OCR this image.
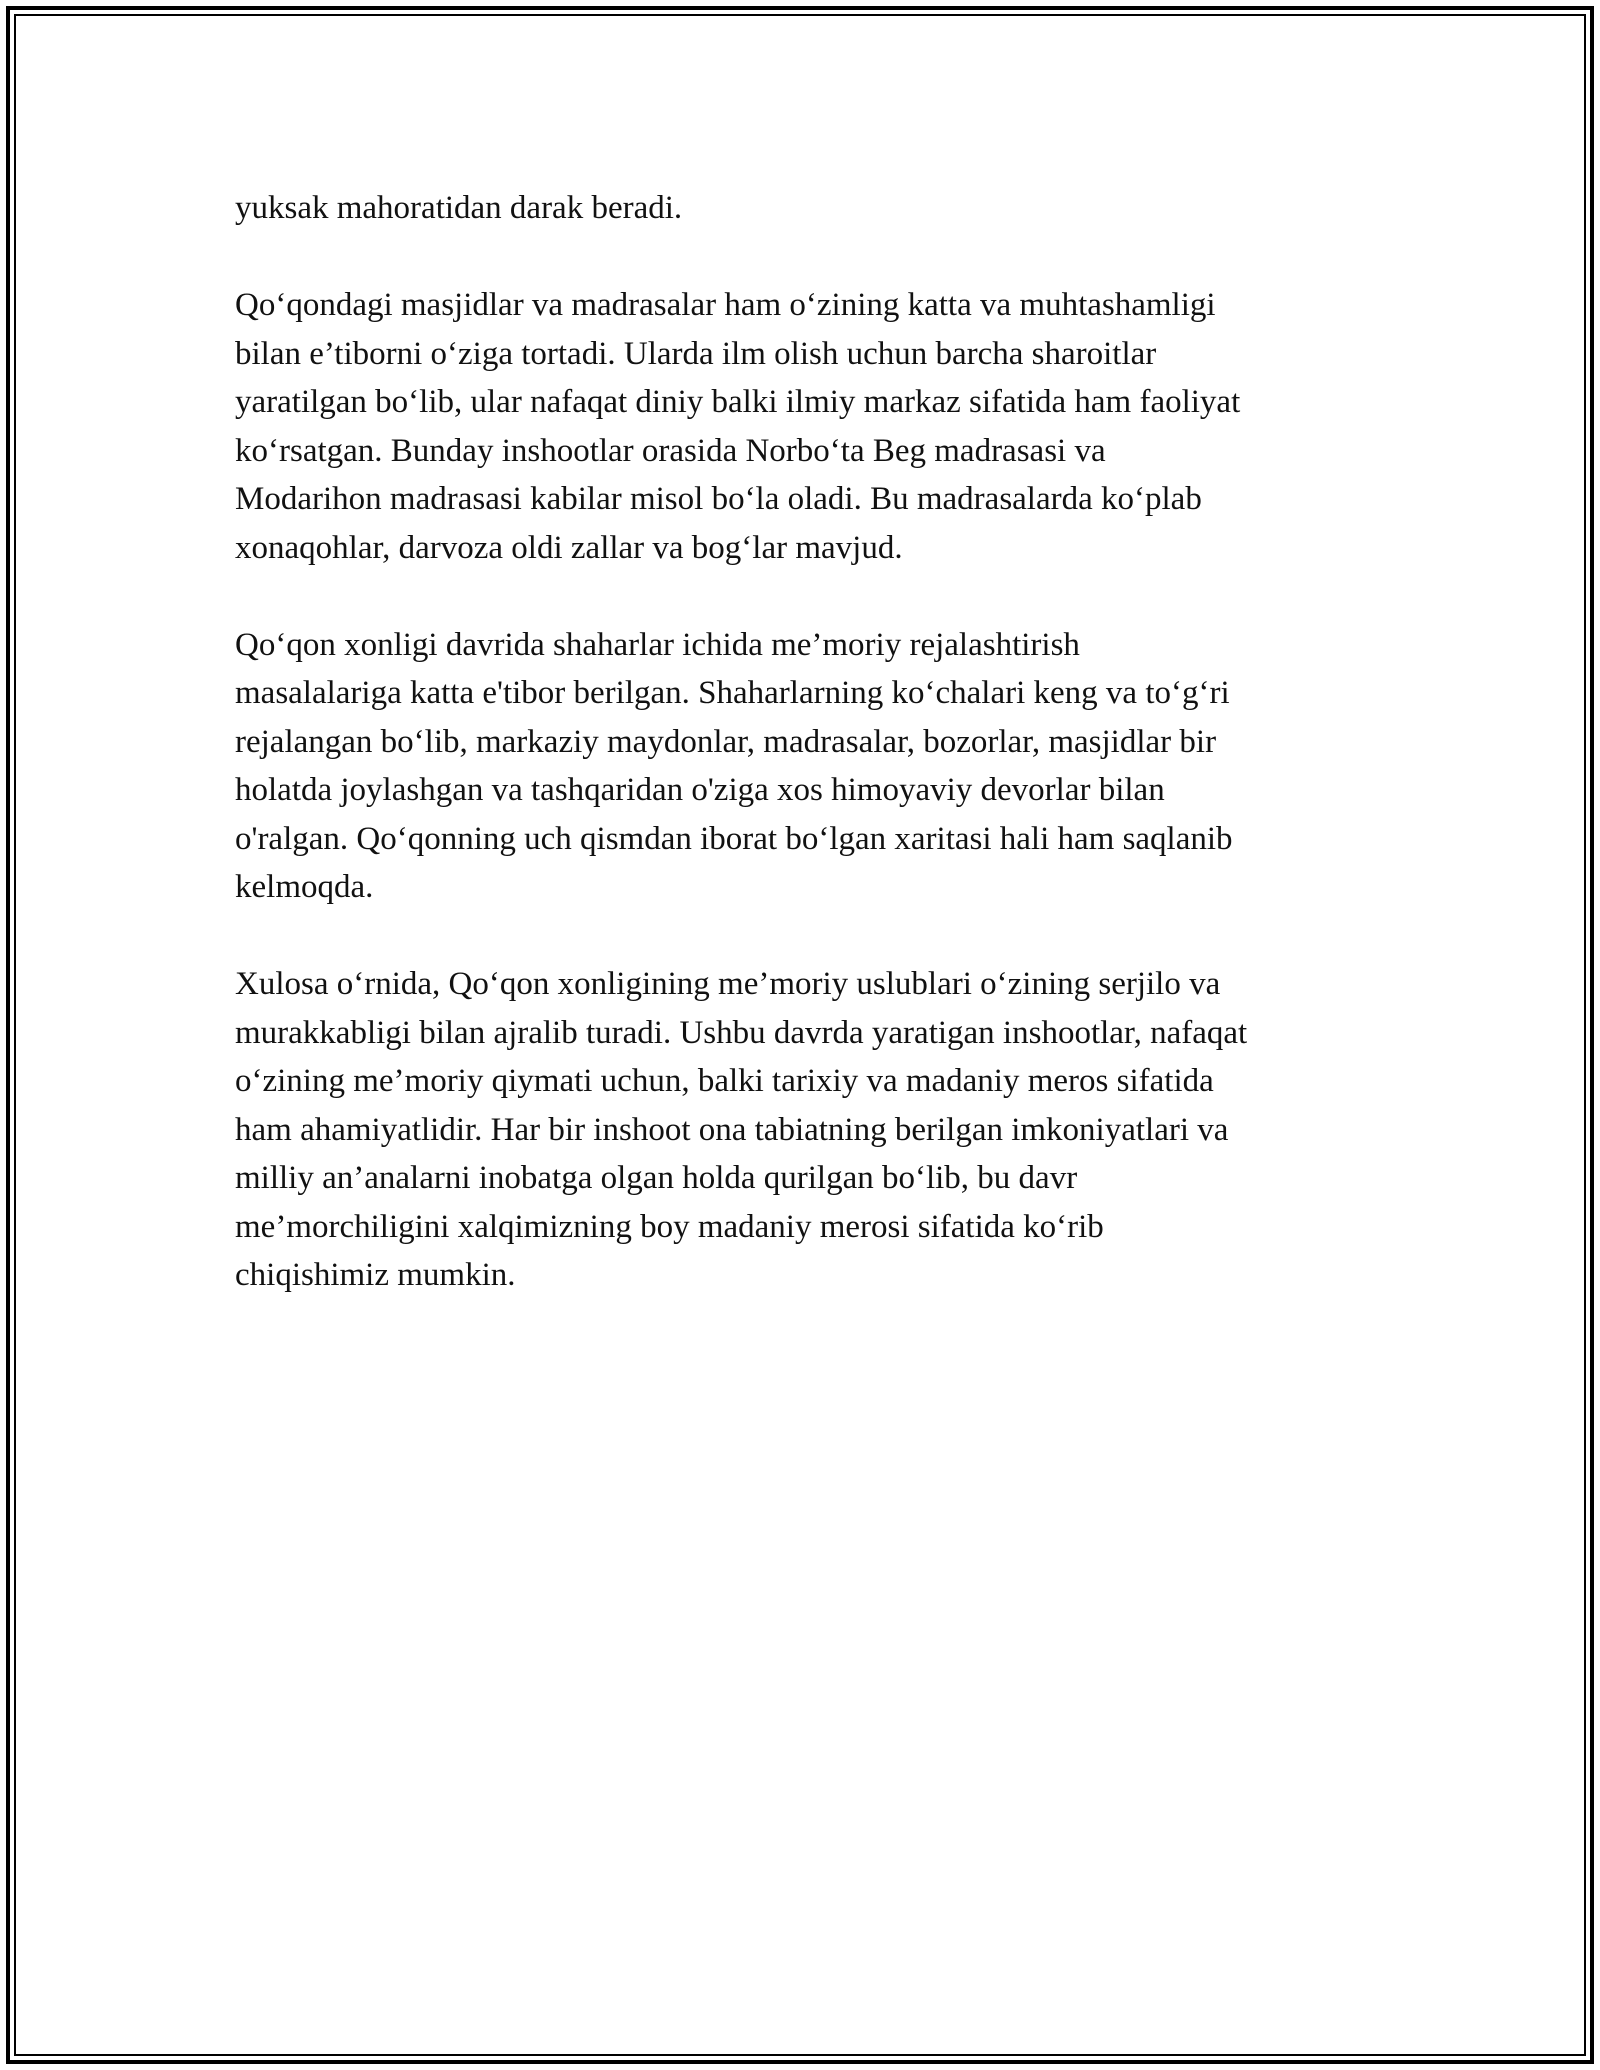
yuksak mahoratidan darak beradi.

Qo‘qondagi masjidlar va madrasalar ham o‘zining katta va muhtashamligi
bilan e’tiborni o‘ziga tortadi. Ularda ilm olish uchun barcha sharoitlar
yaratilgan bo‘lib, ular nafaqat diniy balki ilmiy markaz sifatida ham faoliyat
ko‘rsatgan. Bunday inshootlar orasida Norbo‘ta Beg madrasasi va
Modarihon madrasasi kabilar misol bo‘la oladi. Bu madrasalarda ko‘plab
xonaqohlar, darvoza oldi zallar va bog‘lar mavjud.

Qo‘qon xonligi davrida shaharlar ichida me’moriy rejalashtirish
masalalariga katta e'tibor berilgan. Shaharlarning ko‘chalari keng va to‘g‘ri
rejalangan bo‘lib, markaziy maydonlar, madrasalar, bozorlar, masjidlar bir
holatda joylashgan va tashqaridan o'ziga xos himoyaviy devorlar bilan
o'ralgan. Qo‘qonning uch qismdan iborat bo‘lgan xaritasi hali ham saqlanib
kelmoqda.

Xulosa o‘rnida, Qo‘qon xonligining me’moriy uslublari o‘zining serjilo va
murakkabligi bilan ajralib turadi. Ushbu davrda yaratigan inshootlar, nafaqat
o‘zining me’moriy qiymati uchun, balki tarixiy va madaniy meros sifatida
ham ahamiyatlidir. Har bir inshoot ona tabiatning berilgan imkoniyatlari va
milliy an’analarni inobatga olgan holda qurilgan bo‘lib, bu davr
me’morchiligini xalqimizning boy madaniy merosi sifatida ko‘rib
chiqishimiz mumkin.
